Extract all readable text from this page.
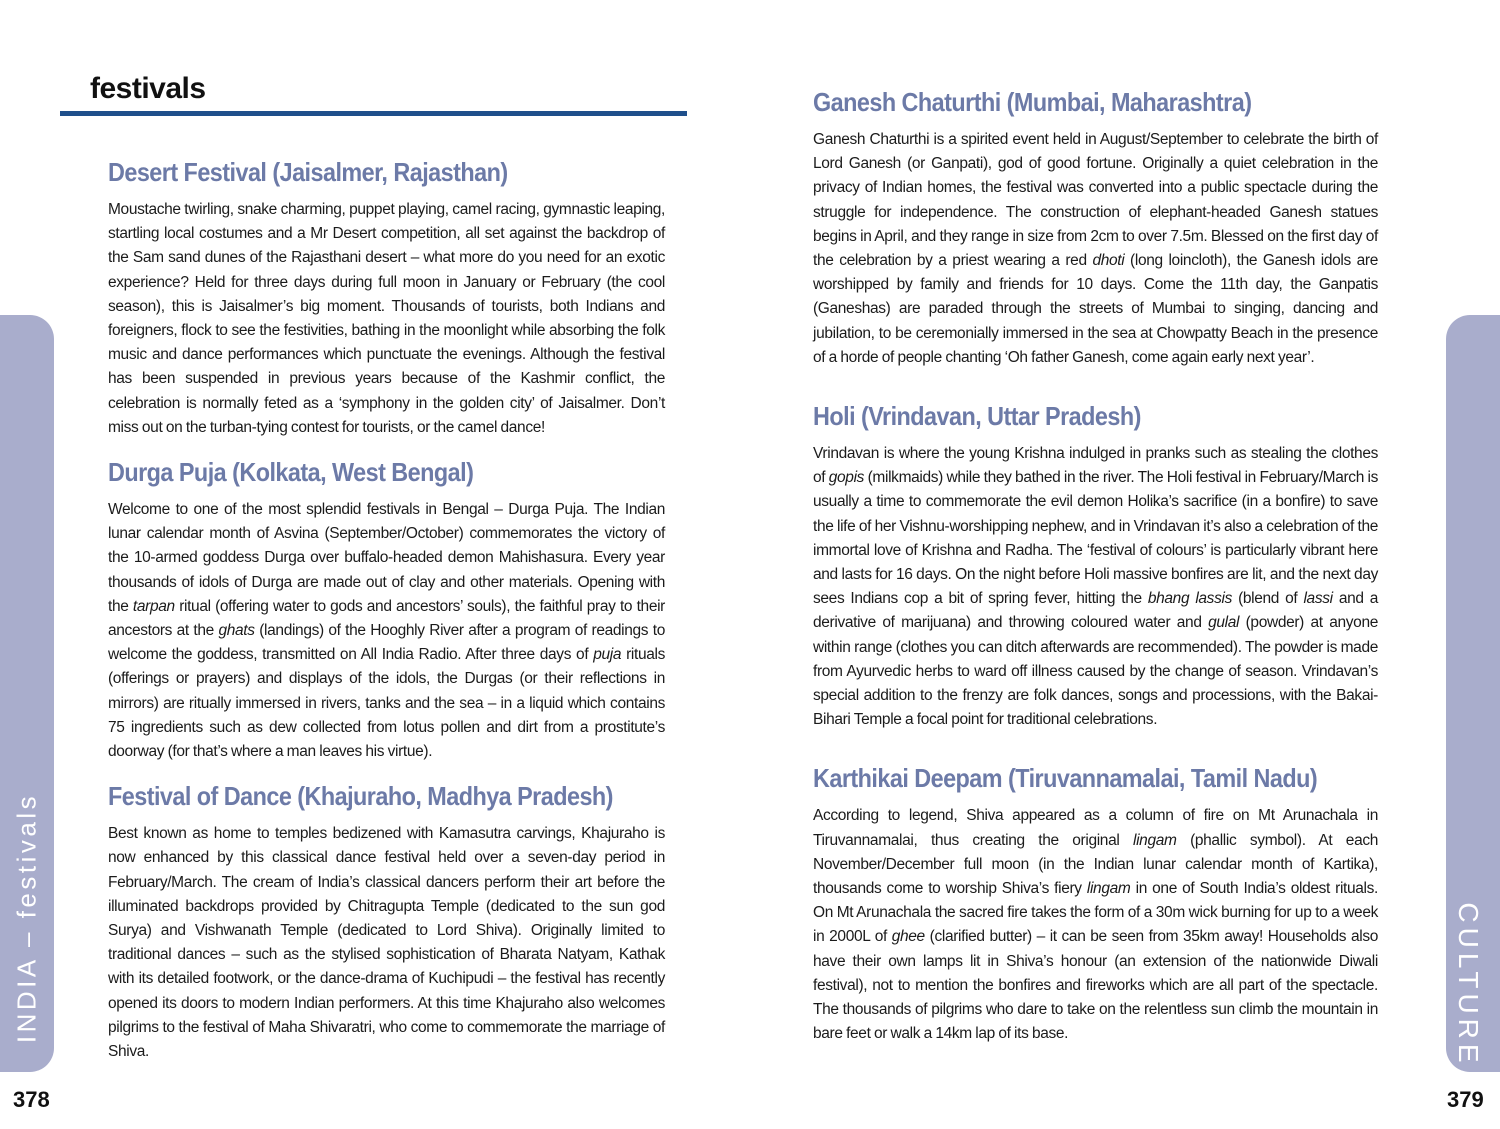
festivals
Desert Festival (Jaisalmer, Rajasthan)

Moustache twirling, snake charming, puppet playing, camel racing, gymnastic leaping, startling local costumes and a Mr Desert competition, all set against the backdrop of the Sam sand dunes of the Rajasthani desert – what more do you need for an exotic experience? Held for three days during full moon in January or February (the cool season), this is Jaisalmer’s big moment. Thousands of tourists, both Indians and foreigners, flock to see the festivities, bathing in the moonlight while absorbing the folk music and dance performances which punctuate the evenings. Although the festival has been suspended in previous years because of the Kashmir conflict, the celebration is normally feted as a ‘symphony in the golden city’ of Jaisalmer. Don’t miss out on the turban-tying contest for tourists, or the camel dance!

Durga Puja (Kolkata, West Bengal)

Welcome to one of the most splendid festivals in Bengal – Durga Puja. The Indian lunar calendar month of Asvina (September/October) commemorates the victory of the 10-armed goddess Durga over buffalo-headed demon Mahishasura. Every year thousands of idols of Durga are made out of clay and other materials. Opening with the tarpan ritual (offering water to gods and ancestors’ souls), the faithful pray to their ancestors at the ghats (landings) of the Hooghly River after a program of readings to welcome the goddess, transmitted on All India Radio. After three days of puja rituals (offerings or prayers) and displays of the idols, the Durgas (or their reflections in mirrors) are ritually immersed in rivers, tanks and the sea – in a liquid which contains 75 ingredients such as dew collected from lotus pollen and dirt from a prostitute’s doorway (for that’s where a man leaves his virtue).

Festival of Dance (Khajuraho, Madhya Pradesh)

Best known as home to temples bedizened with Kamasutra carvings, Khajuraho is now enhanced by this classical dance festival held over a seven-day period in February/March. The cream of India’s classical dancers perform their art before the illuminated backdrops provided by Chitragupta Temple (dedicated to the sun god Surya) and Vishwanath Temple (dedicated to Lord Shiva). Originally limited to traditional dances – such as the stylised sophistication of Bharata Natyam, Kathak with its detailed footwork, or the dance-drama of Kuchipudi – the festival has recently opened its doors to modern Indian performers. At this time Khajuraho also welcomes pilgrims to the festival of Maha Shivaratri, who come to commemorate the marriage of Shiva.

INDIA – festivals

378

Ganesh Chaturthi (Mumbai, Maharashtra)

Ganesh Chaturthi is a spirited event held in August/September to celebrate the birth of Lord Ganesh (or Ganpati), god of good fortune. Originally a quiet celebration in the privacy of Indian homes, the festival was converted into a public spectacle during the struggle for independence. The construction of elephant-headed Ganesh statues begins in April, and they range in size from 2cm to over 7.5m. Blessed on the first day of the celebration by a priest wearing a red dhoti (long loincloth), the Ganesh idols are worshipped by family and friends for 10 days. Come the 11th day, the Ganpatis (Ganeshas) are paraded through the streets of Mumbai to singing, dancing and jubilation, to be ceremonially immersed in the sea at Chowpatty Beach in the presence of a horde of people chanting ‘Oh father Ganesh, come again early next year’.

Holi (Vrindavan, Uttar Pradesh)

Vrindavan is where the young Krishna indulged in pranks such as stealing the clothes of gopis (milkmaids) while they bathed in the river. The Holi festival in February/March is usually a time to commemorate the evil demon Holika’s sacrifice (in a bonfire) to save the life of her Vishnu-worshipping nephew, and in Vrindavan it’s also a celebration of the immortal love of Krishna and Radha. The ‘festival of colours’ is particularly vibrant here and lasts for 16 days. On the night before Holi massive bonfires are lit, and the next day sees Indians cop a bit of spring fever, hitting the bhang lassis (blend of lassi and a derivative of marijuana) and throwing coloured water and gulal (powder) at anyone within range (clothes you can ditch afterwards are recommended). The powder is made from Ayurvedic herbs to ward off illness caused by the change of season. Vrindavan’s special addition to the frenzy are folk dances, songs and processions, with the Bakai-Bihari Temple a focal point for traditional celebrations.

Karthikai Deepam (Tiruvannamalai, Tamil Nadu)

According to legend, Shiva appeared as a column of fire on Mt Arunachala in Tiruvannamalai, thus creating the original lingam (phallic symbol). At each November/December full moon (in the Indian lunar calendar month of Kartika), thousands come to worship Shiva’s fiery lingam in one of South India’s oldest rituals. On Mt Arunachala the sacred fire takes the form of a 30m wick burning for up to a week in 2000L of ghee (clarified butter) – it can be seen from 35km away! Households also have their own lamps lit in Shiva’s honour (an extension of the nationwide Diwali festival), not to mention the bonfires and fireworks which are all part of the spectacle. The thousands of pilgrims who dare to take on the relentless sun climb the mountain in bare feet or walk a 14km lap of its base.	CULTURE

379
